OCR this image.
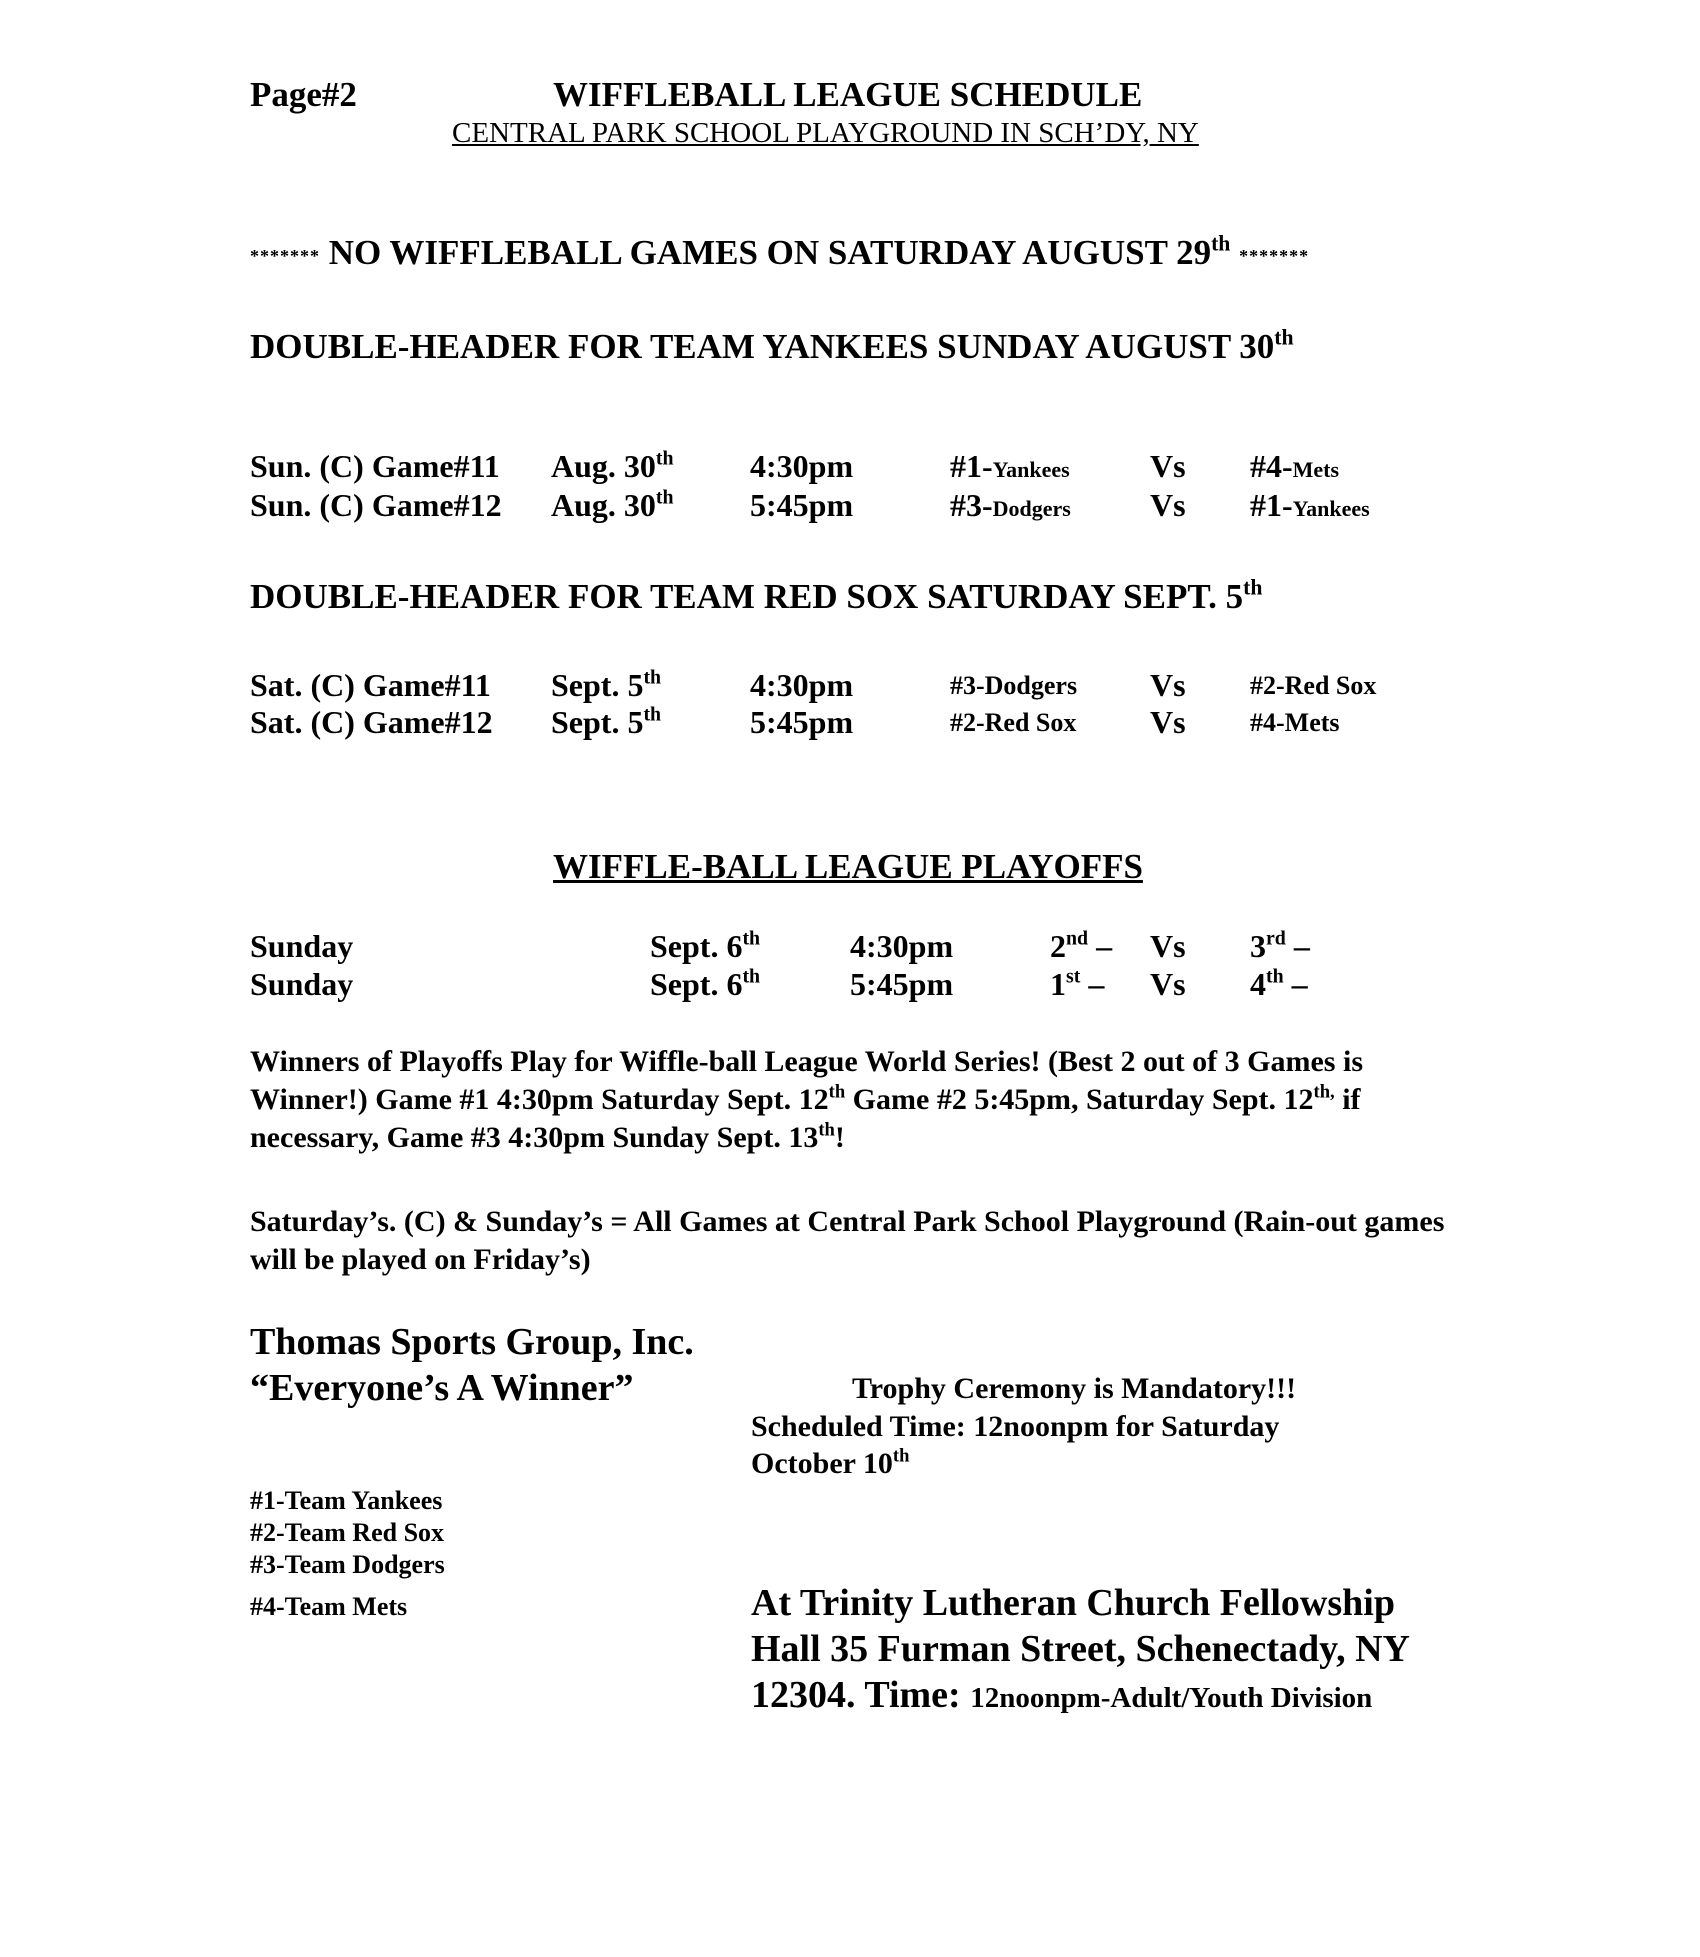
Page#2	WIFFLEBALL LEAGUE SCHEDULE
CENTRAL PARK SCHOOL PLAYGROUND IN SCH’DY, NY
******* NO WIFFLEBALL GAMES ON SATURDAY AUGUST 29th *******
DOUBLE-HEADER FOR TEAM YANKEES SUNDAY AUGUST 30th
Sun. (C) Game#11 Aug. 30th 4:30pm	#1-Yankees	Vs #4-Mets
Sun. (C) Game#12 Aug. 30th 5:45pm	#3-Dodgers Vs #1-Yankees
DOUBLE-HEADER FOR TEAM RED SOX SATURDAY SEPT. 5th
Sat. (C) Game#11 Sept. 5th	4:30pm	#3-Dodgers Vs #2-Red Sox
Sat. (C) Game#12 Sept. 5th	5:45pm	#2-Red Sox Vs #4-Mets
WIFFLE-BALL LEAGUE PLAYOFFS
Sunday	Sept. 6th	4:30pm	2nd – Vs 3rd –
Sunday	Sept. 6th	5:45pm	1st – Vs 4th –
Winners of Playoffs Play for Wiffle-ball League World Series! (Best 2 out of 3 Games is Winner!) Game #1 4:30pm Saturday Sept. 12th Game #2 5:45pm, Saturday Sept. $12^{th,}$ if necessary, Game #3 4:30pm Sunday Sept. 13th!
Saturday’s. (C) & Sunday’s = All Games at Central Park School Playground (Rain-out games will be played on Friday’s)
Thomas Sports Group, Inc.
“Everyone’s A Winner”	Trophy Ceremony is Mandatory!!!
Scheduled Time: 12noonpm for Saturday
October 10th
#1-Team Yankees
#2-Team Red Sox
#3-Team Dodgers
#4-Team Mets	At Trinity Lutheran Church Fellowship
Hall 35 Furman Street, Schenectady, NY
12304. Time: 12noonpm-Adult/Youth Division
